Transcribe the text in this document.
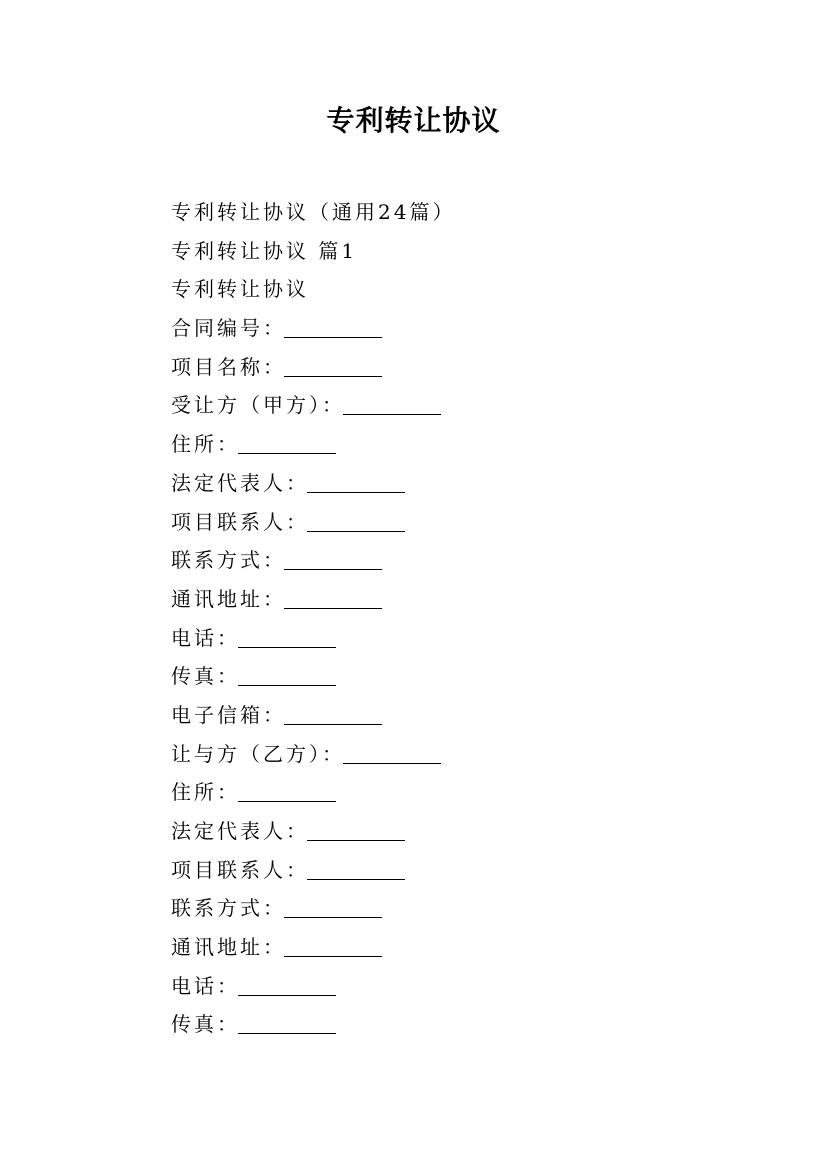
专利转让协议
专利转让协议（通用24篇）
专利转让协议 篇1
专利转让协议
合同编号：
项目名称：
受让方（甲方）：
住所：
法定代表人：
项目联系人：
联系方式：
通讯地址：
电话：
传真：
电子信箱：
让与方（乙方）：
住所：
法定代表人：
项目联系人：
联系方式：
通讯地址：
电话：
传真：
